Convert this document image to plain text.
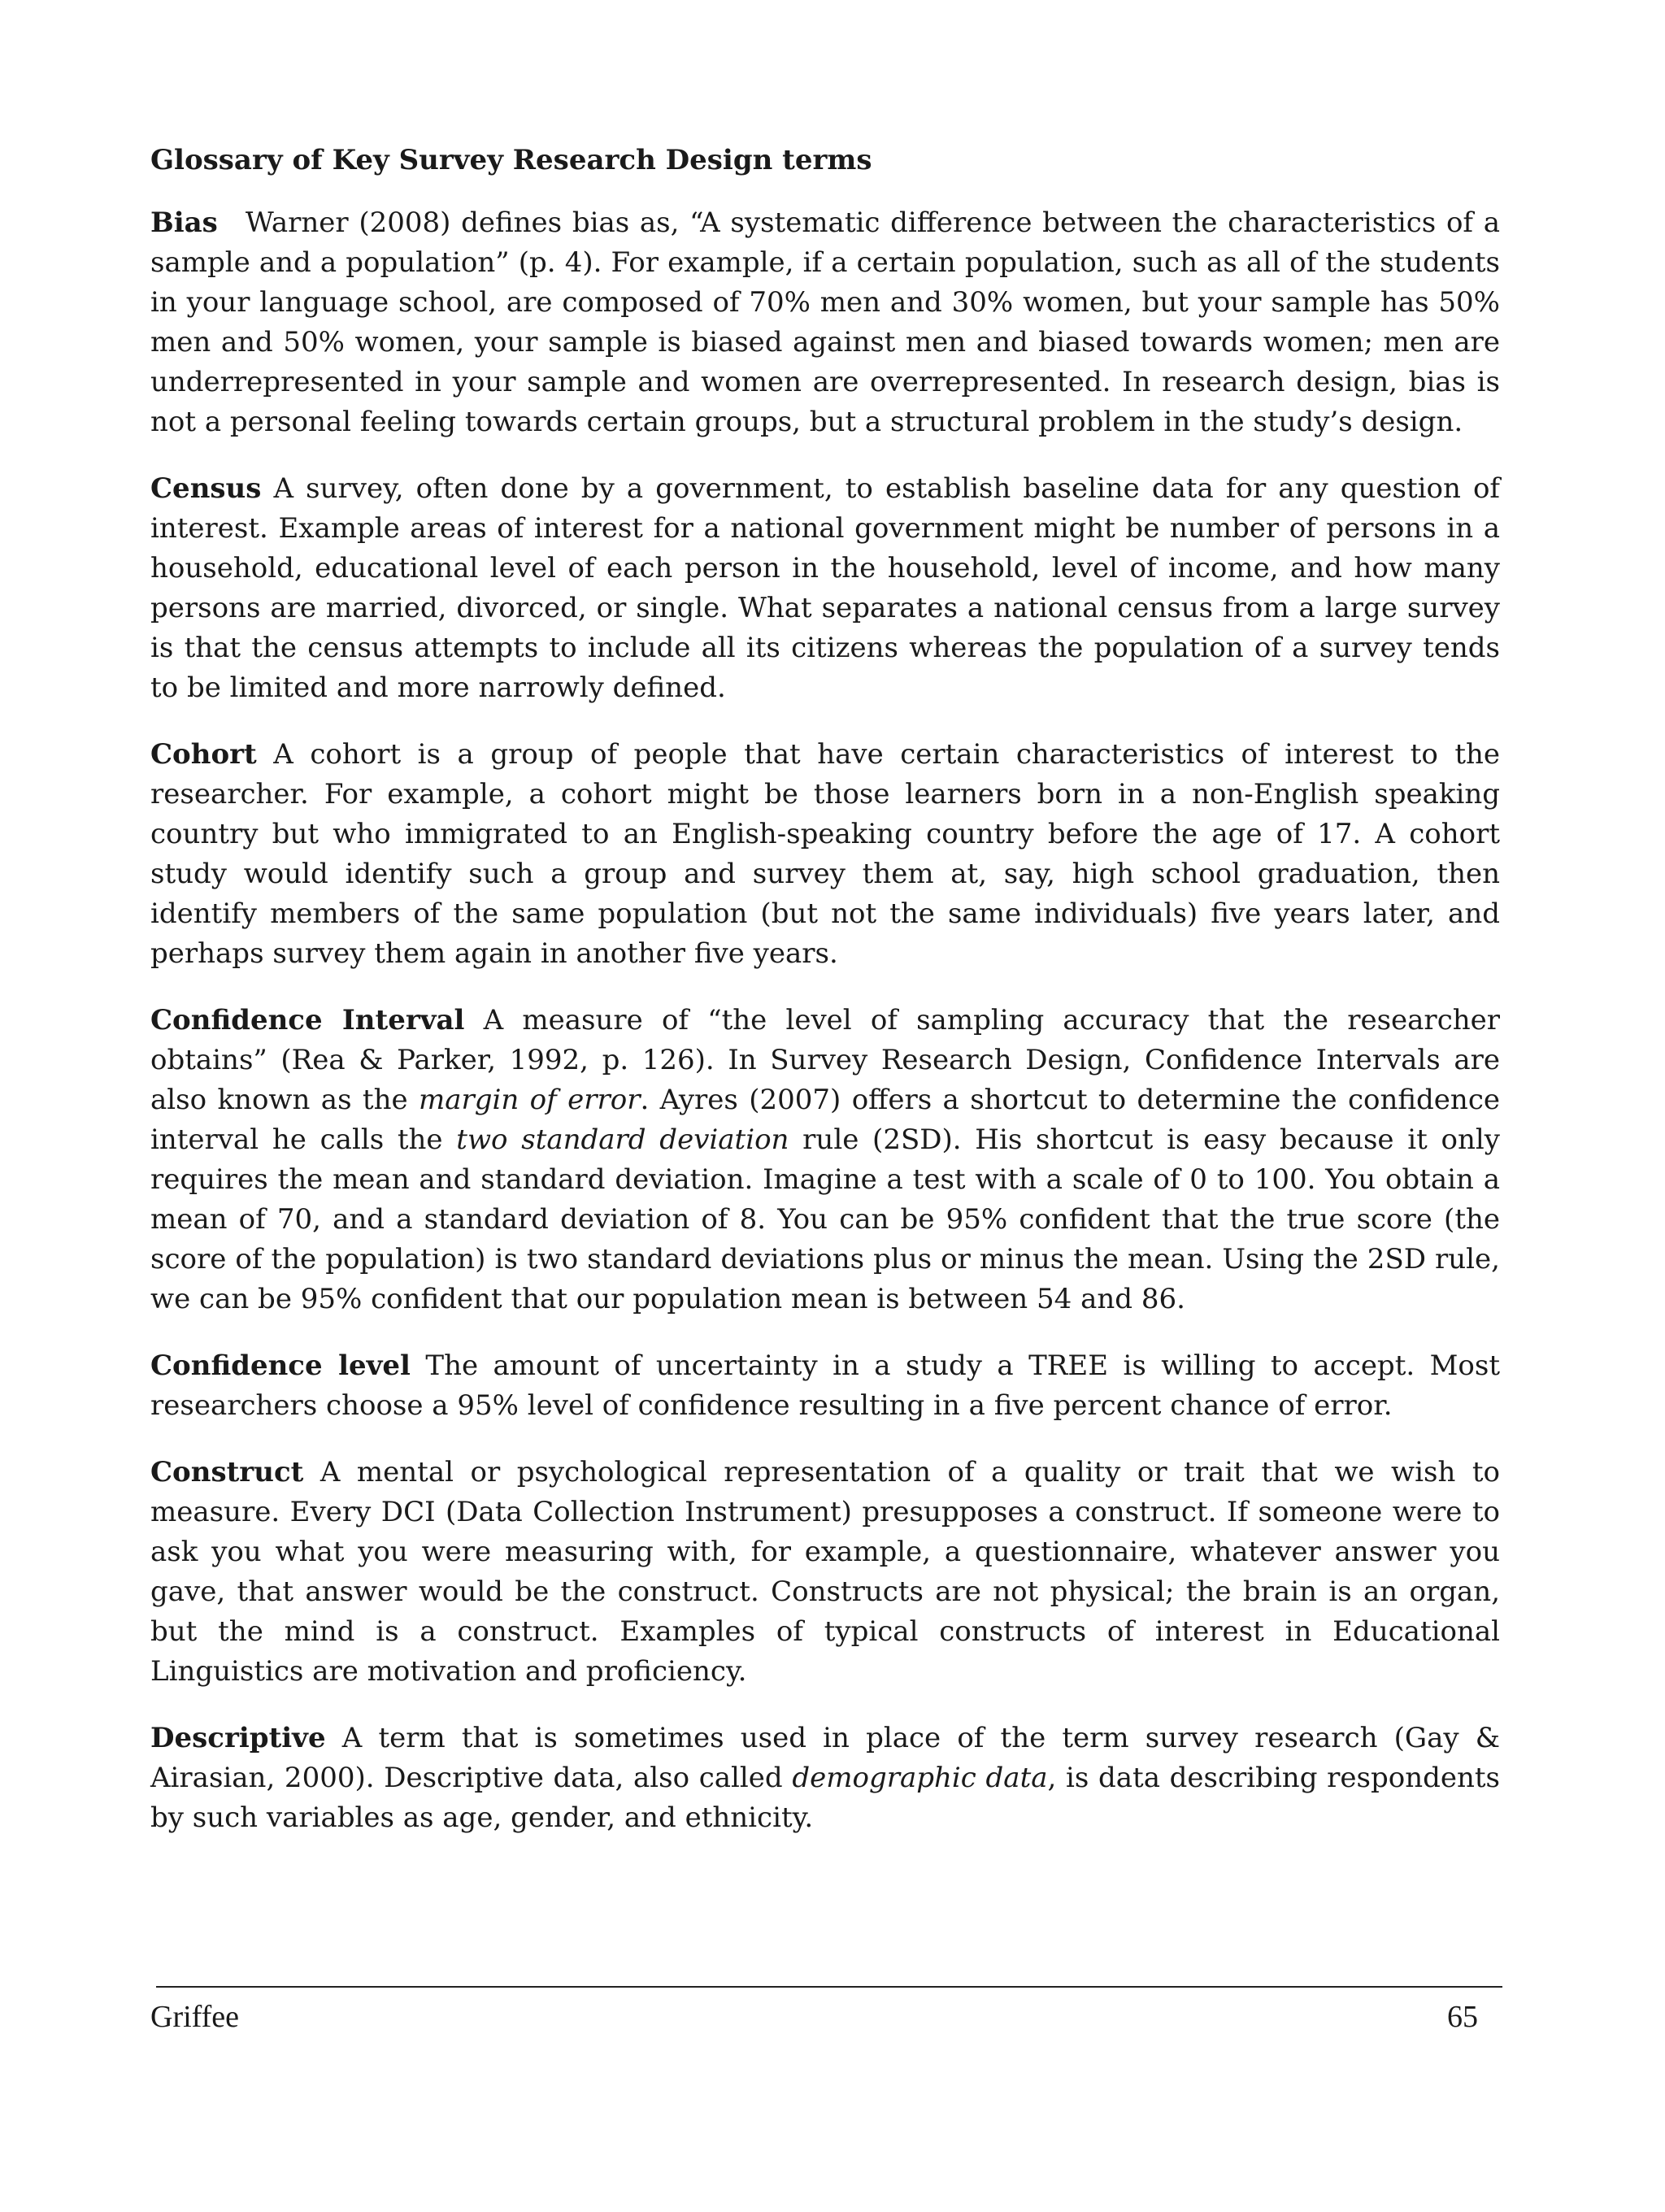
Glossary of Key Survey Research Design terms

Bias Warner (2008) defines bias as, “A systematic difference between the characteristics of a sample and a population” (p. 4). For example, if a certain population, such as all of the students in your language school, are composed of 70% men and 30% women, but your sample has 50% men and 50% women, your sample is biased against men and biased towards women; men are underrepresented in your sample and women are overrepresented. In research design, bias is not a personal feeling towards certain groups, but a structural problem in the study’s design.

Census A survey, often done by a government, to establish baseline data for any question of interest. Example areas of interest for a national government might be number of persons in a household, educational level of each person in the household, level of income, and how many persons are married, divorced, or single. What separates a national census from a large survey is that the census attempts to include all its citizens whereas the population of a survey tends to be limited and more narrowly defined.

Cohort A cohort is a group of people that have certain characteristics of interest to the researcher. For example, a cohort might be those learners born in a non-English speaking country but who immigrated to an English-speaking country before the age of 17. A cohort study would identify such a group and survey them at, say, high school graduation, then identify members of the same population (but not the same individuals) five years later, and perhaps survey them again in another five years.

Confidence Interval A measure of “the level of sampling accuracy that the researcher obtains” (Rea & Parker, 1992, p. 126). In Survey Research Design, Confidence Intervals are also known as the margin of error. Ayres (2007) offers a shortcut to determine the confidence interval he calls the two standard deviation rule (2SD). His shortcut is easy because it only requires the mean and standard deviation. Imagine a test with a scale of 0 to 100. You obtain a mean of 70, and a standard deviation of 8. You can be 95% confident that the true score (the score of the population) is two standard deviations plus or minus the mean. Using the 2SD rule, we can be 95% confident that our population mean is between 54 and 86.

Confidence level The amount of uncertainty in a study a TREE is willing to accept. Most researchers choose a 95% level of confidence resulting in a five percent chance of error.

Construct A mental or psychological representation of a quality or trait that we wish to measure. Every DCI (Data Collection Instrument) presupposes a construct. If someone were to ask you what you were measuring with, for example, a questionnaire, whatever answer you gave, that answer would be the construct. Constructs are not physical; the brain is an organ, but the mind is a construct. Examples of typical constructs of interest in Educational Linguistics are motivation and proficiency.

Descriptive A term that is sometimes used in place of the term survey research (Gay & Airasian, 2000). Descriptive data, also called demographic data, is data describing respondents by such variables as age, gender, and ethnicity.

Griffee	65
